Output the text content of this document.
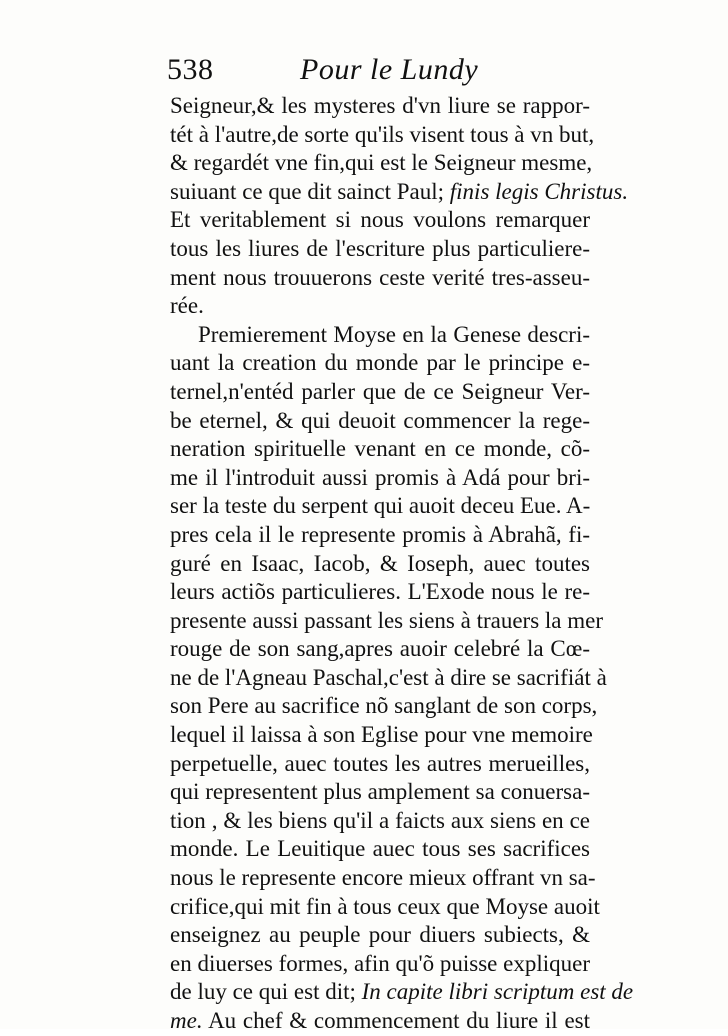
538	Pour le Lundy
Seigneur,& les mysteres d'vn liure se rappor-
tét à l'autre,de sorte qu'ils visent tous à vn but,
& regardét vne fin,qui est le Seigneur mesme,
suiuant ce que dit sainct Paul; finis legis Christus.
Et veritablement si nous voulons remarquer
tous les liures de l'escriture plus particuliere-
ment nous trouuerons ceste verité tres-asseu-
rée.
Premierement Moyse en la Genese descri-
uant la creation du monde par le principe e-
ternel,n'entéd parler que de ce Seigneur Ver-
be eternel, & qui deuoit commencer la rege-
neration spirituelle venant en ce monde, cõ-
me il l'introduit aussi promis à Adá pour bri-
ser la teste du serpent qui auoit deceu Eue. A-
pres cela il le represente promis à Abrahã, fi-
guré en Isaac, Iacob, & Ioseph, auec toutes
leurs actiõs particulieres. L'Exode nous le re-
presente aussi passant les siens à trauers la mer
rouge de son sang,apres auoir celebré la Cœ-
ne de l'Agneau Paschal,c'est à dire se sacrifiát à
son Pere au sacrifice nõ sanglant de son corps,
lequel il laissa à son Eglise pour vne memoire
perpetuelle, auec toutes les autres merueilles,
qui representent plus amplement sa conuersa-
tion , & les biens qu'il a faicts aux siens en ce
monde. Le Leuitique auec tous ses sacrifices
nous le represente encore mieux offrant vn sa-
crifice,qui mit fin à tous ceux que Moyse auoit
enseignez au peuple pour diuers subiects, &
en diuerses formes, afin qu'õ puisse expliquer
de luy ce qui est dit; In capite libri scriptum est de
me. Au chef & commencement du liure il est
